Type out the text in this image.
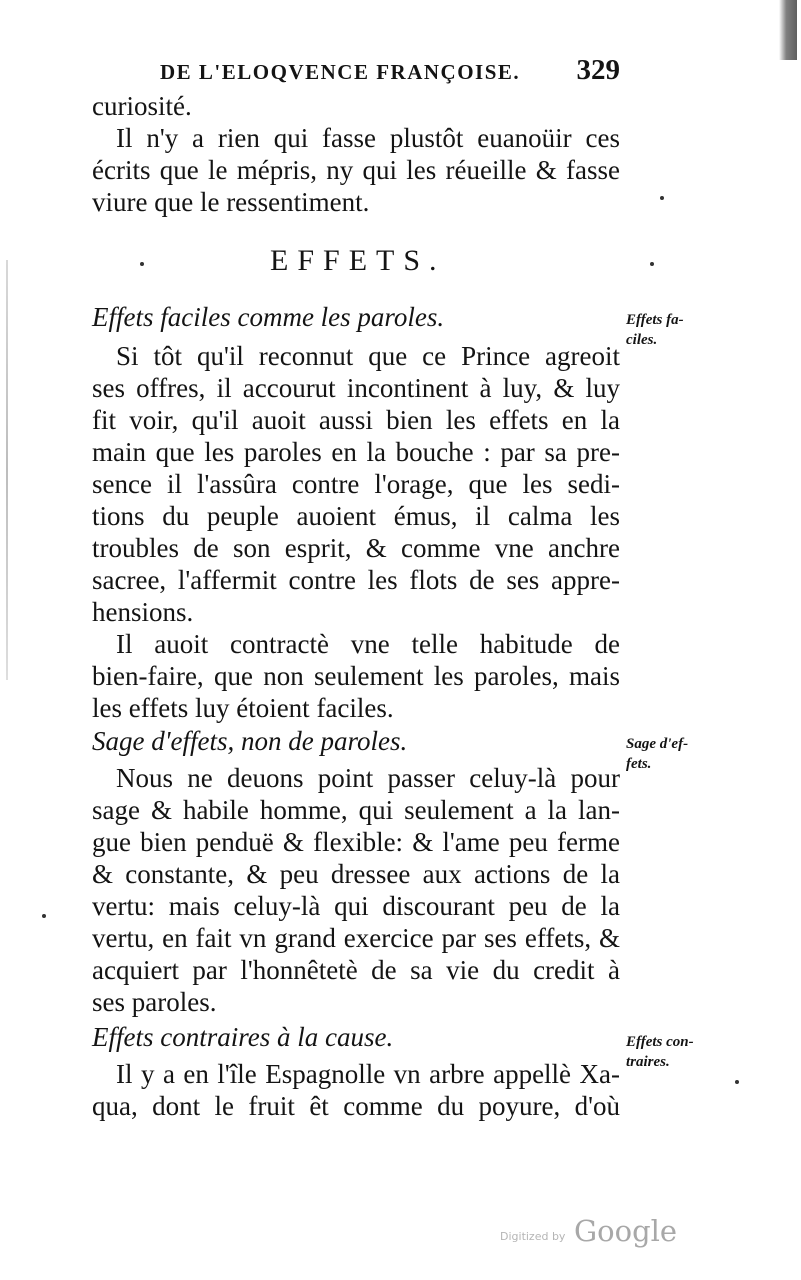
DE L'ELOQVENCE FRANÇOISE. 329
curiosité.
Il n'y a rien qui fasse plustôt euanoüir ces
écrits que le mépris, ny qui les réueille & fasse
viure que le ressentiment.
EFFETS.
Effets faciles comme les paroles.	Effets fa-
ciles.
Si tôt qu'il reconnut que ce Prince agreoit
ses offres, il accourut incontinent à luy, & luy
fit voir, qu'il auoit aussi bien les effets en la
main que les paroles en la bouche : par sa pre-
sence il l'assûra contre l'orage, que les sedi-
tions du peuple auoient émus, il calma les
troubles de son esprit, & comme vne anchre
sacree, l'affermit contre les flots de ses appre-
hensions.
Il auoit contractè vne telle habitude de
bien-faire, que non seulement les paroles, mais
les effets luy étoient faciles.
Sage d'effets, non de paroles.	Sage d'ef-
fets.
Nous ne deuons point passer celuy-là pour
sage & habile homme, qui seulement a la lan-
gue bien penduë & flexible: & l'ame peu ferme
& constante, & peu dressee aux actions de la
vertu: mais celuy-là qui discourant peu de la
vertu, en fait vn grand exercice par ses effets, &
acquiert par l'honnêtetè de sa vie du credit à
ses paroles.
Effets contraires à la cause.	Effets con-
traires.
Il y a en l'île Espagnolle vn arbre appellè Xa-
qua, dont le fruit êt comme du poyure, d'où
Digitized by Google
